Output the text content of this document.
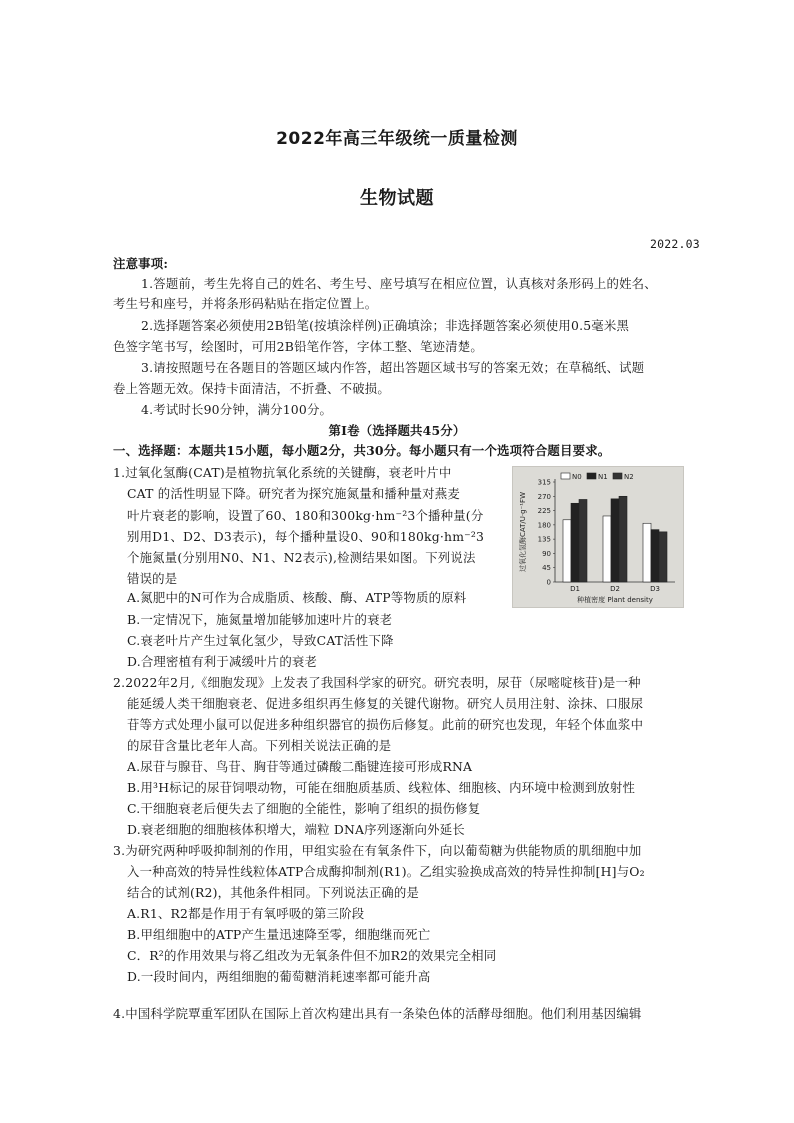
2022年高三年级统一质量检测
生物试题
2022.03
注意事项:
1.答题前，考生先将自己的姓名、考生号、座号填写在相应位置，认真核对条形码上的姓名、
考生号和座号，并将条形码粘贴在指定位置上。
2.选择题答案必须使用2B铅笔(按填涂样例)正确填涂；非选择题答案必须使用0.5毫米黑
色签字笔书写，绘图时，可用2B铅笔作答，字体工整、笔迹清楚。
3.请按照题号在各题目的答题区域内作答，超出答题区域书写的答案无效；在草稿纸、试题
卷上答题无效。保持卡面清洁，不折叠、不破损。
4.考试时长90分钟，满分100分。
第Ⅰ卷（选择题共45分）
一、选择题：本题共15小题，每小题2分，共30分。每小题只有一个选项符合题目要求。
1.过氧化氢酶(CAT)是植物抗氧化系统的关键酶，衰老叶片中
CAT 的活性明显下降。研究者为探究施氮量和播种量对燕麦
叶片衰老的影响，设置了60、180和300kg·hm⁻²3个播种量(分
别用D1、D2、D3表示)，每个播种量设0、90和180kg·hm⁻²3
个施氮量(分别用N0、N1、N2表示),检测结果如图。下列说法
错误的是
A.氮肥中的N可作为合成脂质、核酸、酶、ATP等物质的原料
B.一定情况下，施氮量增加能够加速叶片的衰老
C.衰老叶片产生过氧化氢少，导致CAT活性下降
D.合理密植有利于减缓叶片的衰老
0
45
90
135
180
225
270
315
过氧化氢酶CAT/U·g⁻¹FW
D1	D2	D3
种植密度 Plant density
N0 N1 N2
2.2022年2月,《细胞发现》上发表了我国科学家的研究。研究表明，尿苷（尿嘧啶核苷)是一种
能延缓人类干细胞衰老、促进多组织再生修复的关键代谢物。研究人员用注射、涂抹、口服尿
苷等方式处理小鼠可以促进多种组织器官的损伤后修复。此前的研究也发现，年轻个体血浆中
的尿苷含量比老年人高。下列相关说法正确的是
A.尿苷与腺苷、鸟苷、胸苷等通过磷酸二酯键连接可形成RNA
B.用³H标记的尿苷饲喂动物，可能在细胞质基质、线粒体、细胞核、内环境中检测到放射性
C.干细胞衰老后便失去了细胞的全能性，影响了组织的损伤修复
D.衰老细胞的细胞核体积增大，端粒 DNA序列逐渐向外延长
3.为研究两种呼吸抑制剂的作用，甲组实验在有氧条件下，向以葡萄糖为供能物质的肌细胞中加
入一种高效的特异性线粒体ATP合成酶抑制剂(R1)。乙组实验换成高效的特异性抑制[H]与O₂
结合的试剂(R2)，其他条件相同。下列说法正确的是
A.R1、R2都是作用于有氧呼吸的第三阶段
B.甲组细胞中的ATP产生量迅速降至零，细胞继而死亡
C．R²的作用效果与将乙组改为无氧条件但不加R2的效果完全相同
D.一段时间内，两组细胞的葡萄糖消耗速率都可能升高
4.中国科学院覃重军团队在国际上首次构建出具有一条染色体的活酵母细胞。他们利用基因编辑
